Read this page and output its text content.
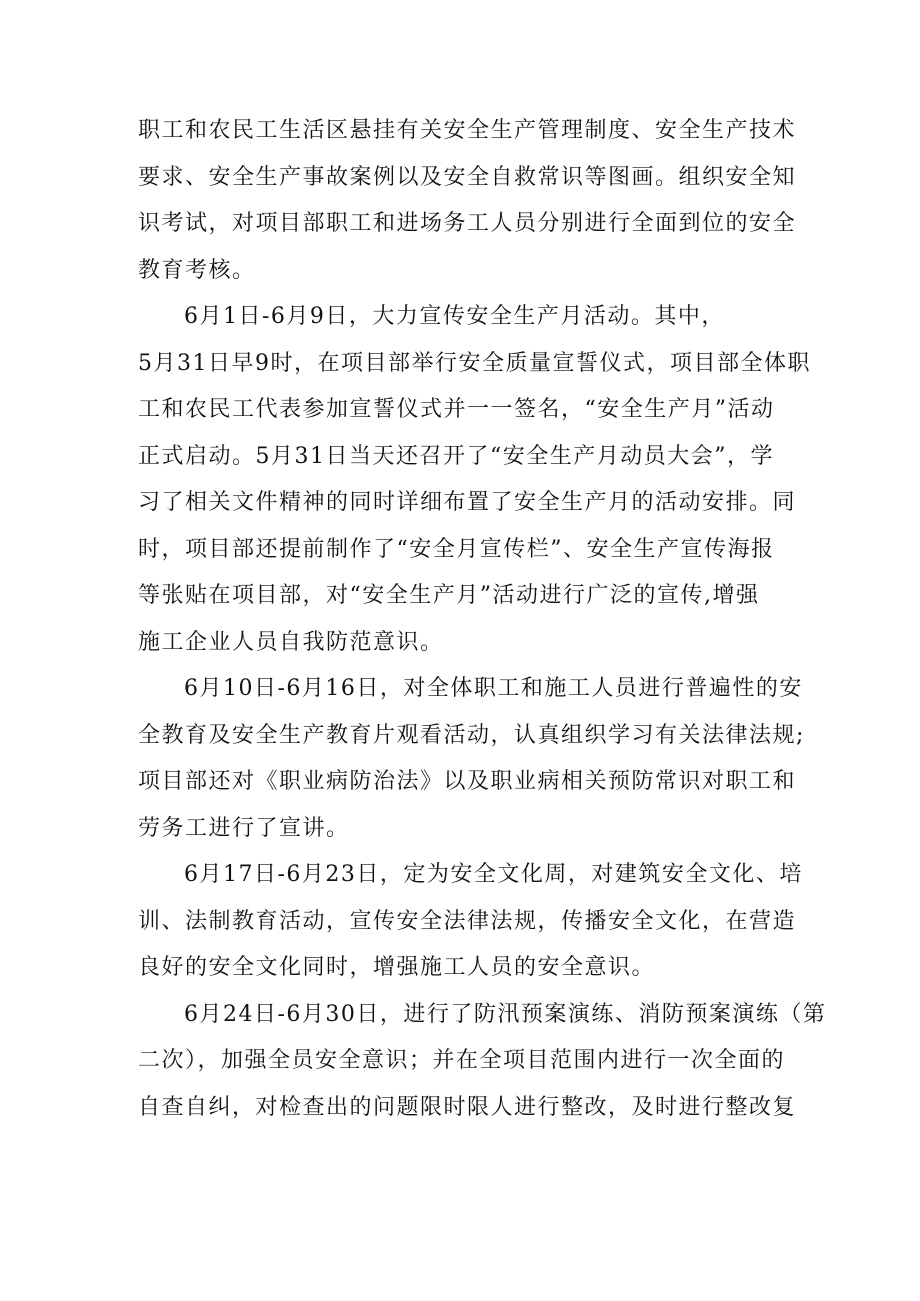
职工和农民工生活区悬挂有关安全生产管理制度、安全生产技术
要求、安全生产事故案例以及安全自救常识等图画。组织安全知
识考试，对项目部职工和进场务工人员分别进行全面到位的安全
教育考核。
6月1日-6月9日，大力宣传安全生产月活动。其中，
5月31日早9时，在项目部举行安全质量宣誓仪式，项目部全体职
工和农民工代表参加宣誓仪式并一一签名，“安全生产月”活动
正式启动。5月31日当天还召开了“安全生产月动员大会”，学
习了相关文件精神的同时详细布置了安全生产月的活动安排。同
时，项目部还提前制作了“安全月宣传栏”、安全生产宣传海报
等张贴在项目部，对“安全生产月”活动进行广泛的宣传,增强
施工企业人员自我防范意识。
6月10日-6月16日，对全体职工和施工人员进行普遍性的安
全教育及安全生产教育片观看活动，认真组织学习有关法律法规;
项目部还对《职业病防治法》以及职业病相关预防常识对职工和
劳务工进行了宣讲。
6月17日-6月23日，定为安全文化周，对建筑安全文化、培
训、法制教育活动，宣传安全法律法规，传播安全文化，在营造
良好的安全文化同时，增强施工人员的安全意识。
6月24日-6月30日，进行了防汛预案演练、消防预案演练（第
二次），加强全员安全意识；并在全项目范围内进行一次全面的
自查自纠，对检查出的问题限时限人进行整改，及时进行整改复
